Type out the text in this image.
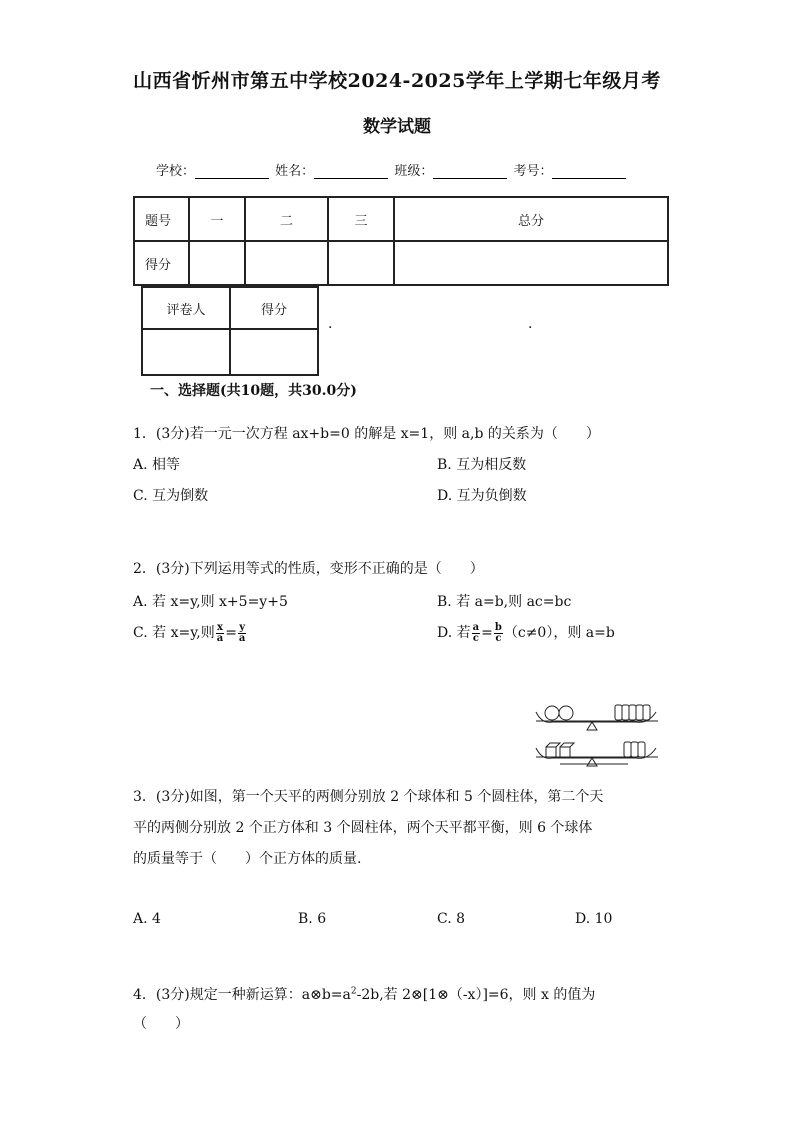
山西省忻州市第五中学校2024-2025学年上学期七年级月考
数学试题
学校：	姓名：	班级：	考号：
题号	一	二	三	总分
得分				
评卷人	得分

.	.
一、选择题(共10题，共30.0分)
1．(3分)若一元一次方程 ax+b=0 的解是 x=1，则 a,b 的关系为（　　）
A. 相等	B. 互为相反数
C. 互为倒数	D. 互为负倒数
2．(3分)下列运用等式的性质，变形不正确的是（　　）
A. 若 x=y,则 x+5=y+5	B. 若 a=b,则 ac=bc
C. 若 x=y,则 $\frac{x}{a} = \frac{y}{a}$	D. 若 $\frac{a}{c} = \frac{b}{c} (c\ne 0)$，则 a=b
3．(3分)如图，第一个天平的两侧分别放 2 个球体和 5 个圆柱体，第二个天
平的两侧分别放 2 个正方体和 3 个圆柱体，两个天平都平衡，则 6 个球体
的质量等于（　　）个正方体的质量.
A. 4	B. 6	C. 8	D. 10
4．(3分)规定一种新运算：$a\otimes b=a^2-2b$,若 2⊗[1⊗（-x）]=6，则 x 的值为
（　　）
